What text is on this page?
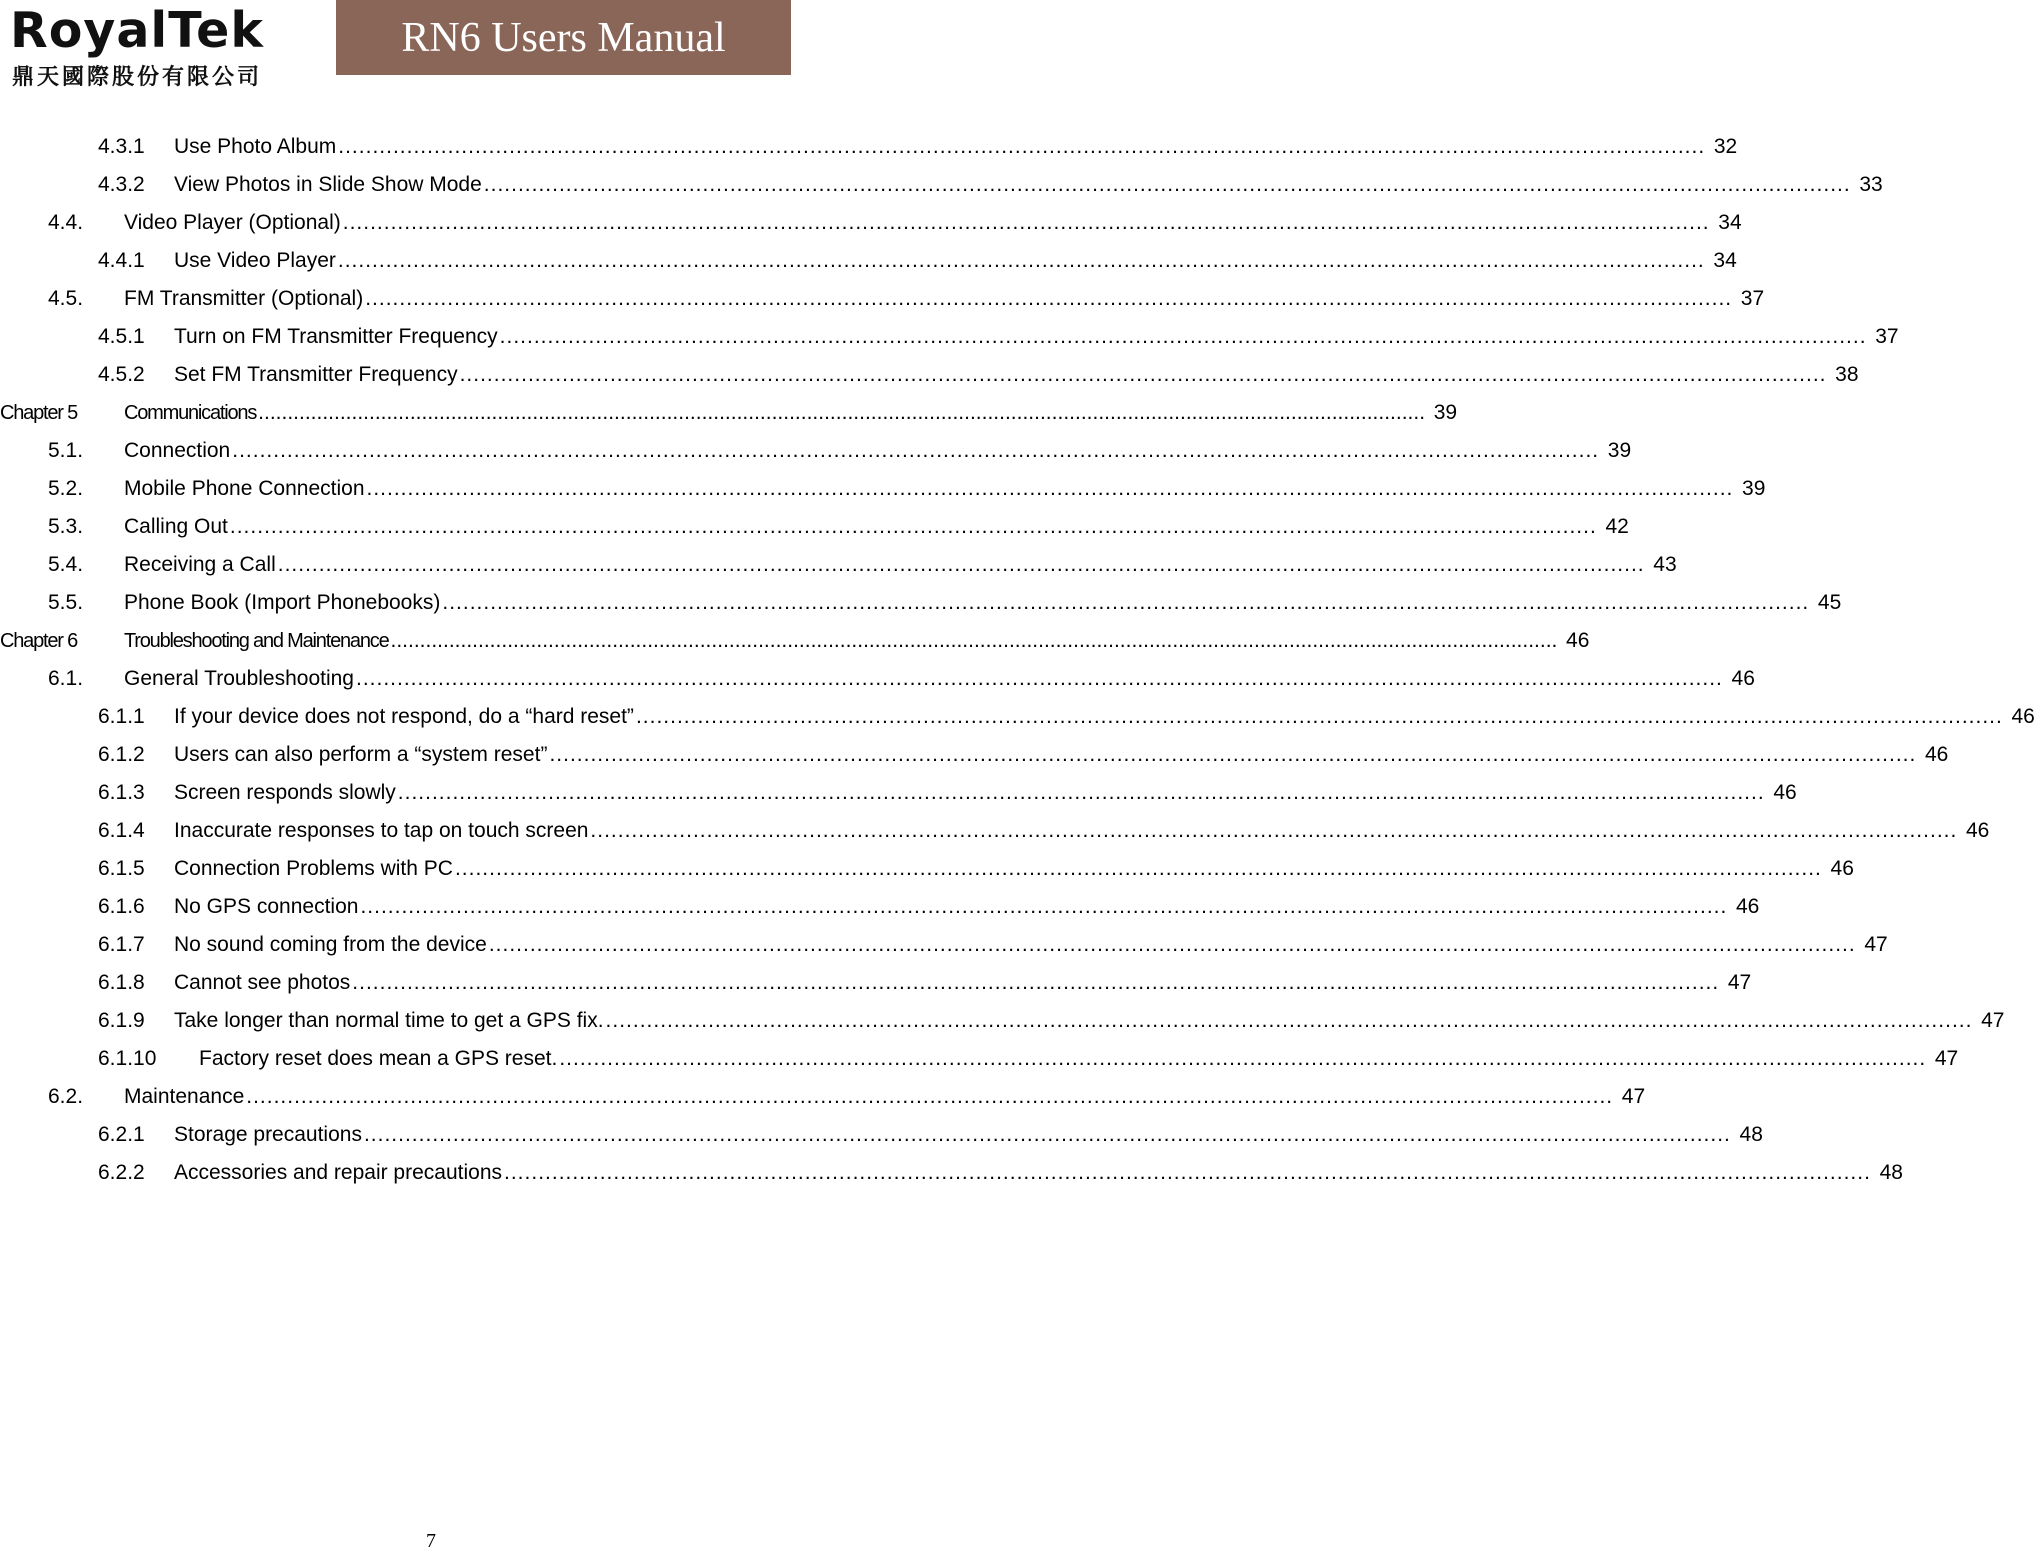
RoyalTek
鼎天國際股份有限公司
RN6 Users Manual
4.3.1	Use Photo Album ........................................................................................................................................................................................................ 32
4.3.2	View Photos in Slide Show Mode ........................................................................................................................................................................................................ 33
4.4.	Video Player (Optional) ........................................................................................................................................................................................................ 34
4.4.1	Use Video Player ........................................................................................................................................................................................................ 34
4.5.	FM Transmitter (Optional) ........................................................................................................................................................................................................ 37
4.5.1	Turn on FM Transmitter Frequency ........................................................................................................................................................................................................ 37
4.5.2	Set FM Transmitter Frequency ........................................................................................................................................................................................................ 38
Chapter 5	Communications ........................................................................................................................................................................................................ 39
5.1.	Connection ........................................................................................................................................................................................................ 39
5.2.	Mobile Phone Connection ........................................................................................................................................................................................................ 39
5.3.	Calling Out ........................................................................................................................................................................................................ 42
5.4.	Receiving a Call ........................................................................................................................................................................................................ 43
5.5.	Phone Book (Import Phonebooks) ........................................................................................................................................................................................................ 45
Chapter 6	Troubleshooting and Maintenance ........................................................................................................................................................................................................ 46
6.1.	General Troubleshooting ........................................................................................................................................................................................................ 46
6.1.1	If your device does not respond, do a “hard reset” ........................................................................................................................................................................................................ 46
6.1.2	Users can also perform a “system reset” ........................................................................................................................................................................................................ 46
6.1.3	Screen responds slowly ........................................................................................................................................................................................................ 46
6.1.4	Inaccurate responses to tap on touch screen ........................................................................................................................................................................................................ 46
6.1.5	Connection Problems with PC ........................................................................................................................................................................................................ 46
6.1.6	No GPS connection ........................................................................................................................................................................................................ 46
6.1.7	No sound coming from the device ........................................................................................................................................................................................................ 47
6.1.8	Cannot see photos ........................................................................................................................................................................................................ 47
6.1.9	Take longer than normal time to get a GPS fix. ........................................................................................................................................................................................................ 47
6.1.10	Factory reset does mean a GPS reset. ........................................................................................................................................................................................................ 47
6.2.	Maintenance ........................................................................................................................................................................................................ 47
6.2.1	Storage precautions ........................................................................................................................................................................................................ 48
6.2.2	Accessories and repair precautions ........................................................................................................................................................................................................ 48
7
